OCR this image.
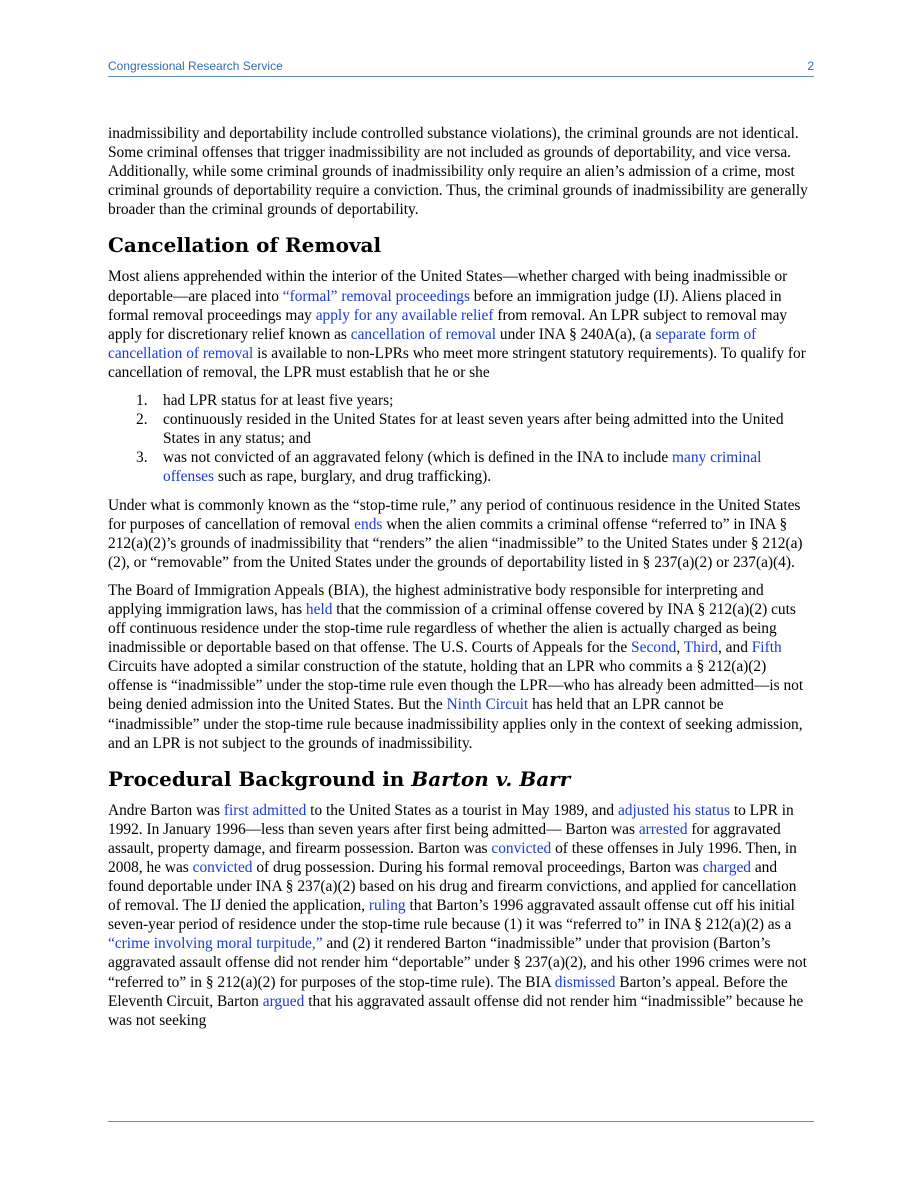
Congressional Research Service	2

inadmissibility and deportability include controlled substance violations), the criminal grounds are not identical. Some criminal offenses that trigger inadmissibility are not included as grounds of deportability, and vice versa. Additionally, while some criminal grounds of inadmissibility only require an alien’s admission of a crime, most criminal grounds of deportability require a conviction. Thus, the criminal grounds of inadmissibility are generally broader than the criminal grounds of deportability.

Cancellation of Removal

Most aliens apprehended within the interior of the United States—whether charged with being inadmissible or deportable—are placed into “formal” removal proceedings before an immigration judge (IJ). Aliens placed in formal removal proceedings may apply for any available relief from removal. An LPR subject to removal may apply for discretionary relief known as cancellation of removal under INA § 240A(a), (a separate form of cancellation of removal is available to non-LPRs who meet more stringent statutory requirements). To qualify for cancellation of removal, the LPR must establish that he or she

1. had LPR status for at least five years;
2. continuously resided in the United States for at least seven years after being admitted into the United States in any status; and
3. was not convicted of an aggravated felony (which is defined in the INA to include many criminal offenses such as rape, burglary, and drug trafficking).

Under what is commonly known as the “stop-time rule,” any period of continuous residence in the United States for purposes of cancellation of removal ends when the alien commits a criminal offense “referred to” in INA § 212(a)(2)’s grounds of inadmissibility that “renders” the alien “inadmissible” to the United States under § 212(a)(2), or “removable” from the United States under the grounds of deportability listed in § 237(a)(2) or 237(a)(4).

The Board of Immigration Appeals (BIA), the highest administrative body responsible for interpreting and applying immigration laws, has held that the commission of a criminal offense covered by INA § 212(a)(2) cuts off continuous residence under the stop-time rule regardless of whether the alien is actually charged as being inadmissible or deportable based on that offense. The U.S. Courts of Appeals for the Second, Third, and Fifth Circuits have adopted a similar construction of the statute, holding that an LPR who commits a § 212(a)(2) offense is “inadmissible” under the stop-time rule even though the LPR—who has already been admitted—is not being denied admission into the United States. But the Ninth Circuit has held that an LPR cannot be “inadmissible” under the stop-time rule because inadmissibility applies only in the context of seeking admission, and an LPR is not subject to the grounds of inadmissibility.

Procedural Background in Barton v. Barr

Andre Barton was first admitted to the United States as a tourist in May 1989, and adjusted his status to LPR in 1992. In January 1996—less than seven years after first being admitted— Barton was arrested for aggravated assault, property damage, and firearm possession. Barton was convicted of these offenses in July 1996. Then, in 2008, he was convicted of drug possession. During his formal removal proceedings, Barton was charged and found deportable under INA § 237(a)(2) based on his drug and firearm convictions, and applied for cancellation of removal. The IJ denied the application, ruling that Barton’s 1996 aggravated assault offense cut off his initial seven-year period of residence under the stop-time rule because (1) it was “referred to” in INA § 212(a)(2) as a “crime involving moral turpitude,” and (2) it rendered Barton “inadmissible” under that provision (Barton’s aggravated assault offense did not render him “deportable” under § 237(a)(2), and his other 1996 crimes were not “referred to” in § 212(a)(2) for purposes of the stop-time rule). The BIA dismissed Barton’s appeal. Before the Eleventh Circuit, Barton argued that his aggravated assault offense did not render him “inadmissible” because he was not seeking
